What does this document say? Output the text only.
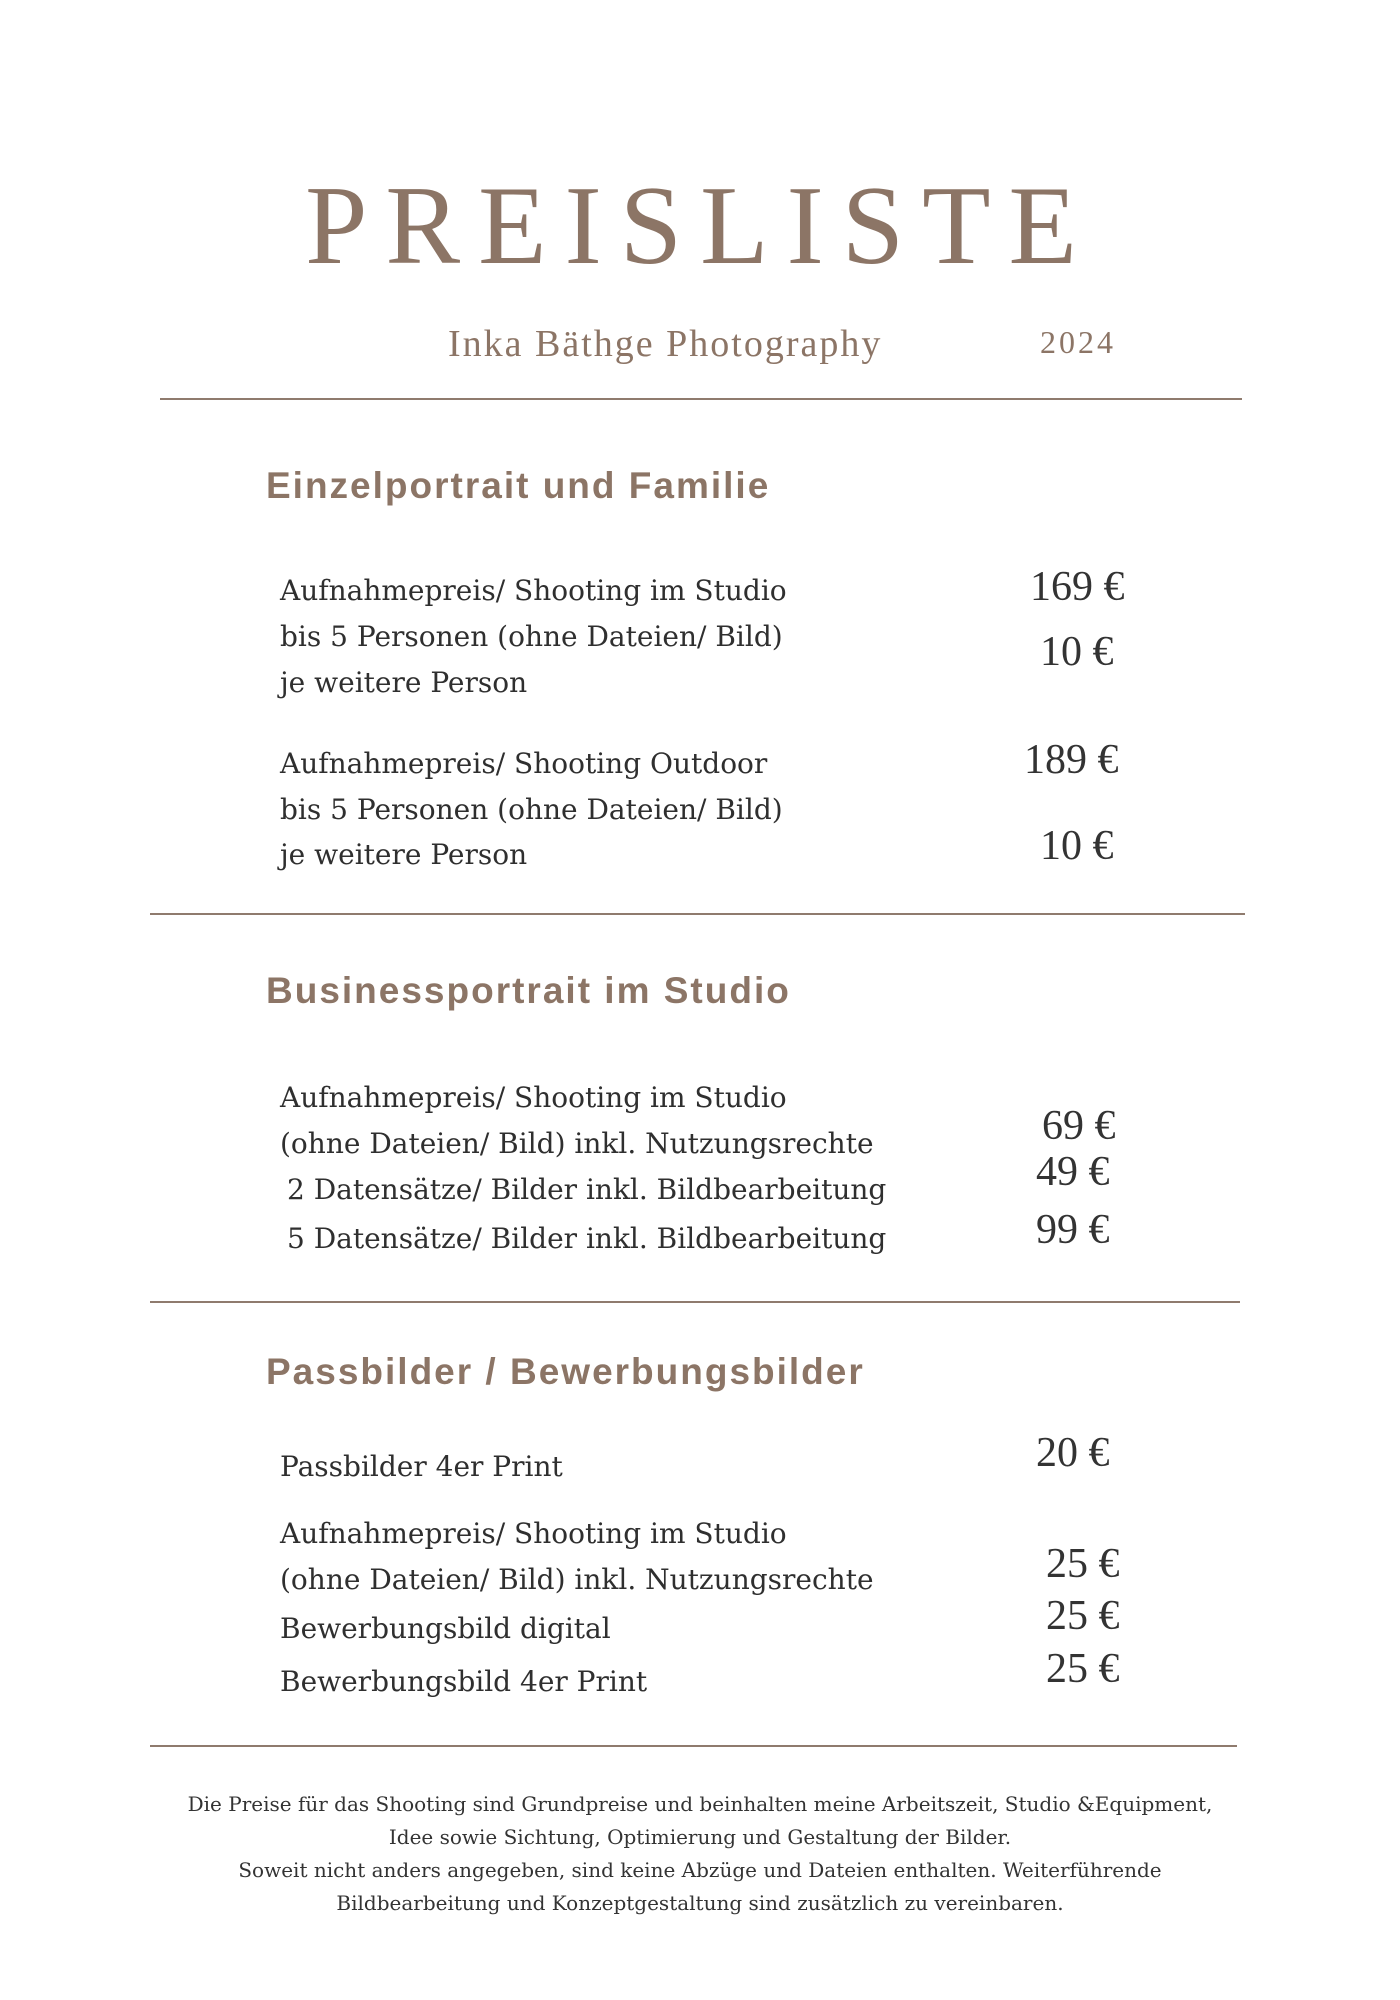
PREISLISTE
Inka Bäthge Photography	2024
Einzelportrait und Familie
Aufnahmepreis/ Shooting im Studio
bis 5 Personen (ohne Dateien/ Bild)
je weitere Person
169 €
10 €
Aufnahmepreis/ Shooting Outdoor
bis 5 Personen (ohne Dateien/ Bild)
je weitere Person
189 €
10 €
Businessportrait im Studio
Aufnahmepreis/ Shooting im Studio
(ohne Dateien/ Bild) inkl. Nutzungsrechte
2 Datensätze/ Bilder inkl. Bildbearbeitung
5 Datensätze/ Bilder inkl. Bildbearbeitung
69 €
49 €
99 €
Passbilder / Bewerbungsbilder
Passbilder 4er Print	20 €
Aufnahmepreis/ Shooting im Studio
(ohne Dateien/ Bild) inkl. Nutzungsrechte
Bewerbungsbild digital
Bewerbungsbild 4er Print
25 €
25 €
25 €
Die Preise für das Shooting sind Grundpreise und beinhalten meine Arbeitszeit, Studio &Equipment,
Idee sowie Sichtung, Optimierung und Gestaltung der Bilder.
Soweit nicht anders angegeben, sind keine Abzüge und Dateien enthalten. Weiterführende
Bildbearbeitung und Konzeptgestaltung sind zusätzlich zu vereinbaren.
